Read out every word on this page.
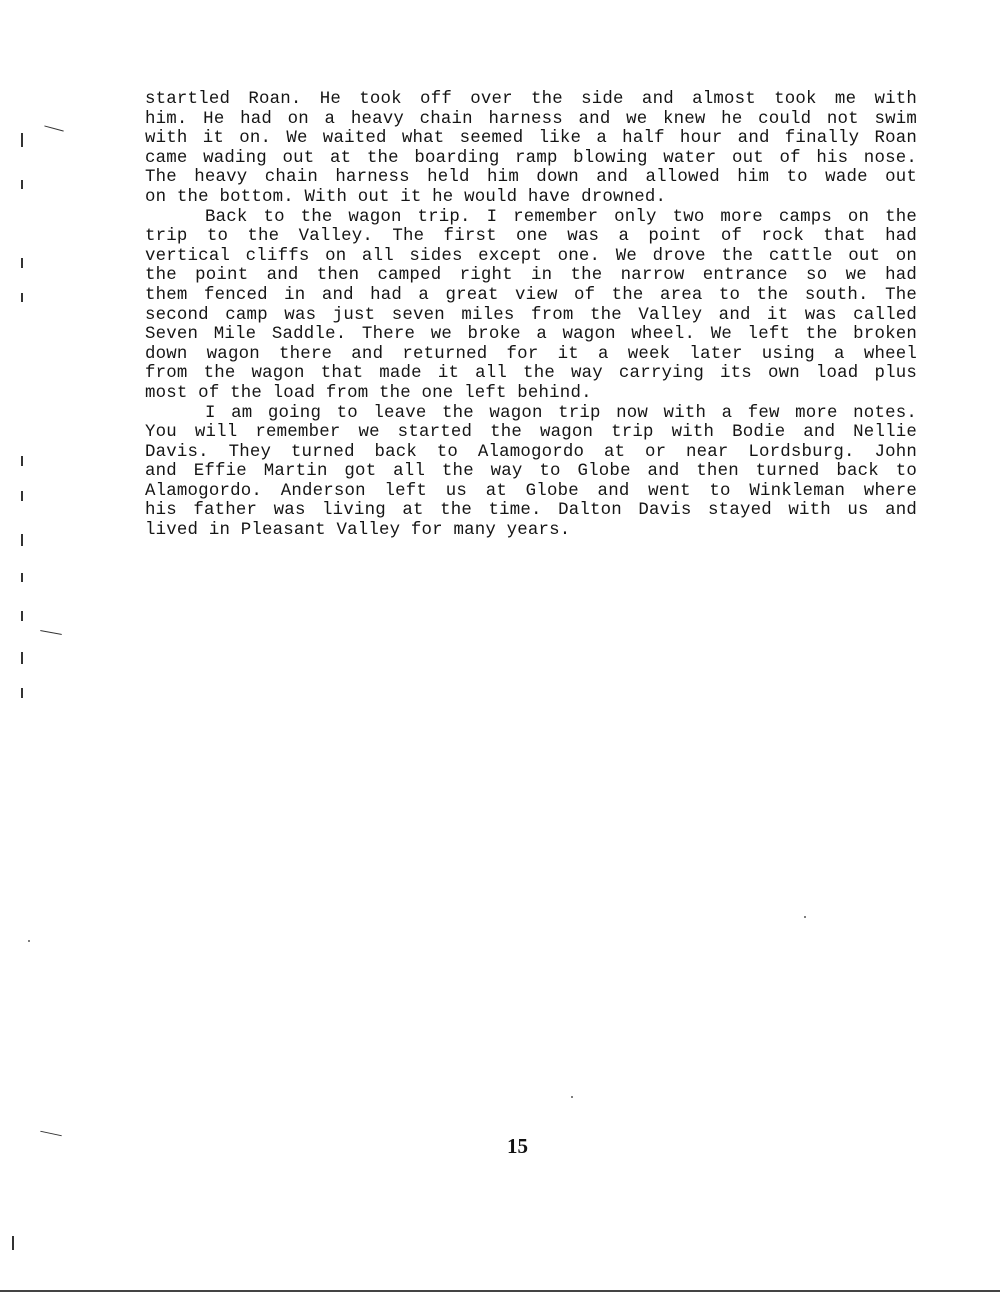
startled Roan. He took off over the side and almost took me with
him. He had on a heavy chain harness and we knew he could not swim
with it on. We waited what seemed like a half hour and finally Roan
came wading out at the boarding ramp blowing water out of his nose.
The heavy chain harness held him down and allowed him to wade out
on the bottom. With out it he would have drowned.
Back to the wagon trip. I remember only two more camps on the
trip to the Valley. The first one was a point of rock that had
vertical cliffs on all sides except one. We drove the cattle out on
the point and then camped right in the narrow entrance so we had
them fenced in and had a great view of the area to the south. The
second camp was just seven miles from the Valley and it was called
Seven Mile Saddle. There we broke a wagon wheel. We left the broken
down wagon there and returned for it a week later using a wheel
from the wagon that made it all the way carrying its own load plus
most of the load from the one left behind.
I am going to leave the wagon trip now with a few more notes.
You will remember we started the wagon trip with Bodie and Nellie
Davis. They turned back to Alamogordo at or near Lordsburg. John
and Effie Martin got all the way to Globe and then turned back to
Alamogordo. Anderson left us at Globe and went to Winkleman where
his father was living at the time. Dalton Davis stayed with us and
lived in Pleasant Valley for many years.
15
